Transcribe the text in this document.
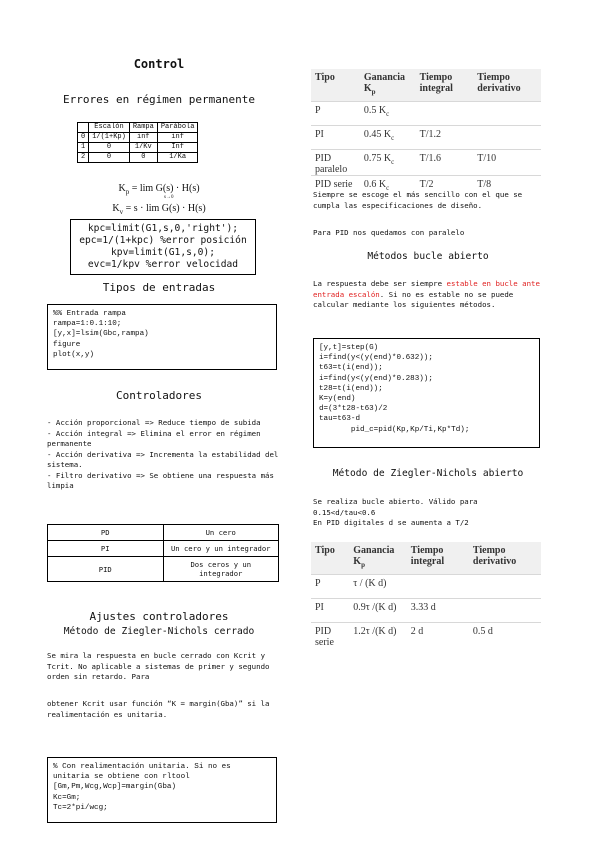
Control
Errores en régimen permanente
	Escalón	Rampa	Parábola
0	1/(1+Kp)	inf	inf
1	0	1/Kv	Inf
2	0	0	1/Ka
$K_p = \lim G(s) \cdot H(s)$
s→0
$K_v = s \cdot \lim G(s) \cdot H(s)$
kpc=limit(G1,s,0,'right');
epc=1/(1+kpc) %error posición
kpv=limit(G1,s,0);
evc=1/kpv %error velocidad
Tipos de entradas
%% Entrada rampa
rampa=1:0.1:10;
[y,x]=lsim(Gbc,rampa)
figure
plot(x,y)
Controladores
- Acción proporcional => Reduce tiempo de subida
- Acción integral => Elimina el error en régimen permanente
- Acción derivativa => Incrementa la estabilidad del sistema.
- Filtro derivativo => Se obtiene una respuesta más limpia
PD	Un cero
PI	Un cero y un integrador
PID	Dos ceros y un integrador
Ajustes controladores
Método de Ziegler-Nichols cerrado
Se mira la respuesta en bucle cerrado con Kcrit y Tcrit. No aplicable a sistemas de primer y segundo orden sin retardo. Para
obtener Kcrit usar función “K = margin(Gba)” si la realimentación es unitaria.
% Con realimentación unitaria. Si no es
unitaria se obtiene con rltool
[Gm,Pm,Wcg,Wcp]=margin(Gba)
Kc=Gm;
Tc=2*pi/wcg;
Tipo	Ganancia $K_p$	Tiempo integral	Tiempo derivativo
P	0.5 $K_c$		
PI	0.45 $K_c$	T/1.2	
PID paralelo	0.75 $K_c$	T/1.6	T/10
PID serie	0.6 $K_c$	T/2	T/8
Siempre se escoge el más sencillo con el que se cumpla las especificaciones de diseño.
Para PID nos quedamos con paralelo
Métodos bucle abierto
La respuesta debe ser siempre estable en bucle ante entrada escalón. Si no es estable no se puede calcular mediante los siguientes métodos.
[y,t]=step(G)
i=find(y<(y(end)*0.632));
t63=t(i(end));
i=find(y<(y(end)*0.283));
t28=t(i(end));
K=y(end)
d=(3*t28-t63)/2
tau=t63-d
pid_c=pid(Kp,Kp/Ti,Kp*Td);
Método de Ziegler-Nichols abierto
Se realiza bucle abierto. Válido para
0.15<d/tau<0.6
En PID digitales d se aumenta a T/2
Tipo	Ganancia $K_p$	Tiempo integral	Tiempo derivativo
P	τ / (K d)		
PI	0.9τ /(K d)	3.33 d	
PID serie	1.2τ /(K d)	2 d	0.5 d
